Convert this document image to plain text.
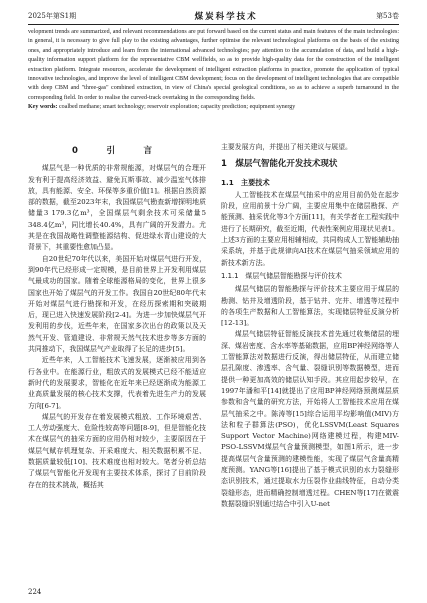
2025年第S1期	煤炭科学技术	第53卷

velopment trends are summarized, and relevant recommendations are put forward based on the current status and main features of the main technologies: in general, it is necessary to give full play to the existing advantages, further optimise the relevant technological platforms on the basis of the existing ones, and appropriately introduce and learn from the international advanced technologies; pay attention to the accumulation of data, and build a high-quality information support platform for the representative CBM wellfields, so as to provide high-quality data for the construction of the intelligent extraction platform. Integrate resources, accelerate the development of intelligent extraction platforms in practice, promote the application of typical innovative technologies, and improve the level of intelligent CBM development; focus on the development of intelligent technologies that are compatible with deep CBM and "three-gas" combined extraction, in view of China's special geological conditions, so as to achieve a superb turnaround in the corresponding field. In order to realise the curved-track overtaking in the corresponding fields.

Key words: coalbed methane; smart technology; reservoir exploration; capacity prediction; equipment synergy

0　引　言

煤层气是一种优质的非常规能源，对煤层气的合理开发有利于提高经济效益、避免瓦斯事故、减少温室气体排放，具有能源、安全、环保等多重价值[1]。根据自然资源部的数据，截至2023年末，我国煤层气勘查新增探明地质储量3 179.3亿m³，全国煤层气剩余技术可采储量5 348.4亿m³，同比增长40.4%，具有广阔的开发潜力。尤其是在我国战略性调整能源结构、促进绿水青山建设的大背景下，其重要性愈加凸显。

自20世纪70年代以来，美国开始对煤层气进行开发，到90年代已经形成一定规模，是目前世界上开发利用煤层气最成功的国家。随着全球能源格局的变化，世界上很多国家也开始了煤层气的开发工作。我国自20世纪80年代末开始对煤层气进行勘探和开发，在经历探索期和突破期后，现已进入快速发展阶段[2-4]。为进一步加快煤层气开发利用的步伐，近些年来，在国家多次出台的政策以及天然气开发、管道建设、非常规天然气技术进步等多方面的共同推动下，我国煤层气产业取得了长足的进步[5]。

近些年来，人工智能技术飞速发展，逐渐被应用到各行各业中。在能源行业，粗放式的发展模式已经不能适应新时代的发展要求，智能化在近年来已经逐渐成为能源工业高质量发展的核心技术支撑，代表着先进生产力的发展方向[6-7]。

煤层气的开发存在着发展模式粗放、工作环境艰苦、工人劳动强度大、危险性较高等问题[8-9]，但是智能化技术在煤层气的抽采方面的应用仍相对较少，主要原因在于煤层气赋存机理复杂、开采难度大、相关数据积累不足、数据质量较低[10]、技术难度也相对较大。笔者分析总结了煤层气智能化开发现有主要技术体系，探讨了目前阶段存在的技术挑战，概括其

主要发展方向，并提出了相关建议与展望。

1　煤层气智能化开发技术现状
1.1　主要技术

人工智能技术在煤层气抽采中的应用目前仍处在起步阶段，应用前景十分广阔，主要应用集中在储层勘探、产能预测、抽采优化等3个方面[11]，有关学者在工程实践中进行了长期研究，截至近期，代表性案例应用现状见表1。上述3方面的主要应用相辅相成，共同构成人工智能辅助抽采系统，并基于此规律向AI技术在煤层气抽采领域应用的新技术新方法。

1.1.1　煤层气储层智能勘探与评价技术

煤层气储层的智能勘探与评价技术主要应用于煤层的勘测、钻井及增透阶段，基于钻井、完井、增透等过程中的各项生产数据和人工智能算法，实现储层特征反演分析[12-13]。

煤层气储层特征智能反演技术首先通过收集储层的埋深、煤岩密度、含水率等基础数据，应用BP神经网络等人工智能算法对数据进行反演，得出储层特征，从而建立储层孔隙度、渗透率、含气量、裂缝识别等数据模型，进而提供一种更加高效的储层认知手段。其应用起步较早，在1997年潘和平[14]就提出了应用BP神经网络预测煤层质参数和含气量的研究方法，开始将人工智能技术应用在煤层气抽采之中。陈涛等[15]综合运用平均影响值(MIV)方法和粒子群算法(PSO)，优化LSSVM(Least Squares Support Vector Machine)网络建模过程，构建MIV-PSO-LSSVM煤层气含量预测模型，如图1所示，进一步提高煤层气含量预测的建模性能，实现了煤层气含量高精度预测。YANG等[16]提出了基于模式识别的水力裂缝形态识别技术，通过提取水力压裂作业曲线特征，自动分类裂缝形态，进而精确控制增透过程。CHEN等[17]在微震数据裂缝识别通过结合中引入U-net

224
